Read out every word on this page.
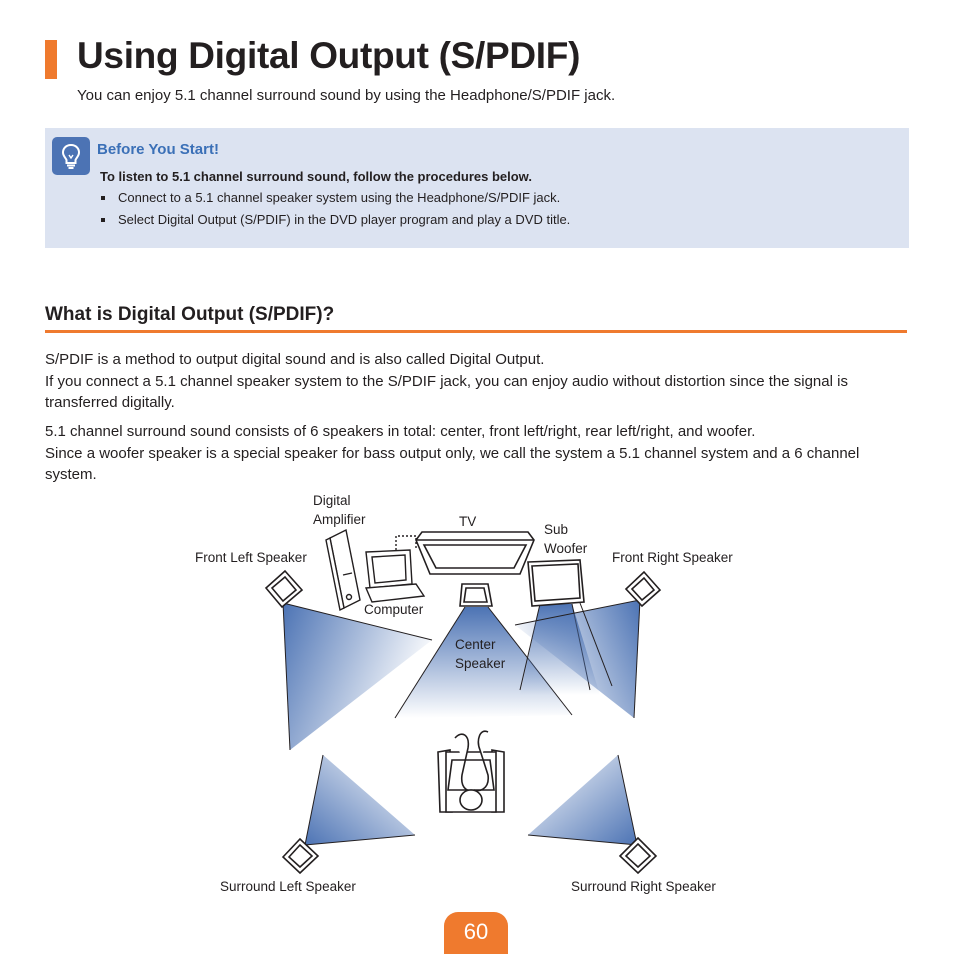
Using Digital Output (S/PDIF)
You can enjoy 5.1 channel surround sound by using the Headphone/S/PDIF jack.
Before You Start!
To listen to 5.1 channel surround sound, follow the procedures below.
Connect to a 5.1 channel speaker system using the Headphone/S/PDIF jack.
Select Digital Output (S/PDIF) in the DVD player program and play a DVD title.
What is Digital Output (S/PDIF)?

S/PDIF is a method to output digital sound and is also called Digital Output.
If you connect a 5.1 channel speaker system to the S/PDIF jack, you can enjoy audio without distortion since the signal is transferred digitally.

5.1 channel surround sound consists of 6 speakers in total: center, front left/right, rear left/right, and woofer.
Since a woofer speaker is a special speaker for bass output only, we call the system a 5.1 channel system and a 6 channel system.

Digital
Amplifier	TV
Sub
Woofer
Front Left Speaker	Front Right Speaker
Computer
Center
Speaker
Surround Left Speaker	Surround Right Speaker
60
